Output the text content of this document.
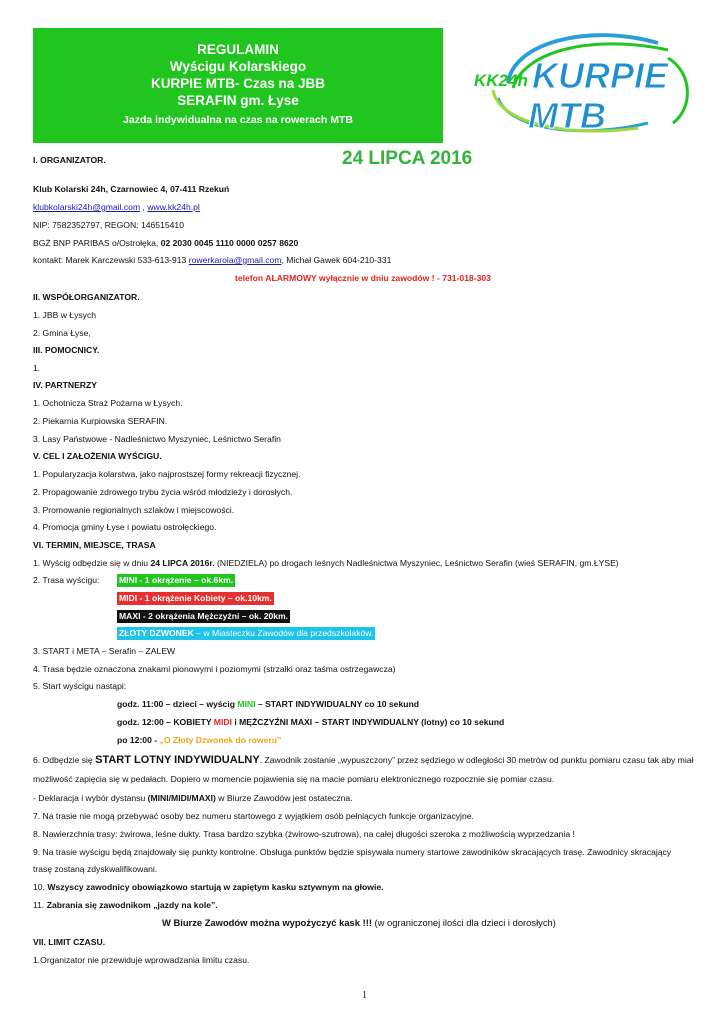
REGULAMIN
Wyścigu Kolarskiego
KURPIE MTB- Czas na JBB
SERAFIN gm. Łyse
Jazda indywidualna na czas na rowerach MTB
KK24h KURPIE
MTB
24 LIPCA 2016
I. ORGANIZATOR.
Klub Kolarski 24h, Czarnowiec 4, 07-411 Rzekuń
klubkolarski24h@gmail.com , www.kk24h.pl
NIP: 7582352797, REGON: 146515410
BGŻ BNP PARIBAS o/Ostrołęka, 02 2030 0045 1110 0000 0257 8620
kontakt: Marek Karczewski 533-613-913 rowerkarola@gmail.com, Michał Gawek 604-210-331
telefon ALARMOWY wyłącznie w dniu zawodów ! - 731-018-303
II. WSPÓŁORGANIZATOR.
1. JBB w Łysych
2. Gmina Łyse,
III. POMOCNICY.
1.
IV. PARTNERZY
1. Ochotnicza Straż Pożarna w Łysych.
2. Piekarnia Kurpiowska SERAFIN.
3. Lasy Państwowe - Nadleśnictwo Myszyniec, Leśnictwo Serafin
V. CEL I ZAŁOŻENIA WYŚCIGU.
1. Popularyzacja kolarstwa, jako najprostszej formy rekreacji fizycznej.
2. Propagowanie zdrowego trybu życia wśród młodzieży i dorosłych.
3. Promowanie regionalnych szlaków i miejscowości.
4. Promocja gminy Łyse i powiatu ostrołęckiego.
VI. TERMIN, MIEJSCE, TRASA
1. Wyścig odbędzie się w dniu 24 LIPCA 2016r. (NIEDZIELA) po drogach leśnych Nadleśnictwa Myszyniec, Leśnictwo Serafin (wieś SERAFIN, gm.ŁYSE)
2. Trasa wyścigu: MINI - 1 okrążenie – ok.6km.
MIDI - 1 okrążenie Kobiety – ok.10km.
MAXI - 2 okrążenia Mężczyźni – ok. 20km.
ZŁOTY DZWONEK – w Miasteczku Zawodów dla przedszkolaków.
3. START i META – Serafin – ZALEW
4. Trasa będzie oznaczona znakami pionowymi i poziomymi (strzałki oraz taśma ostrzegawcza)
5. Start wyścigu nastąpi:
godz. 11:00 – dzieci – wyścig MINI – START INDYWIDUALNY co 10 sekund
godz. 12:00 – KOBIETY MIDI i MĘŻCZYŹNI MAXI – START INDYWIDUALNY (lotny) co 10 sekund
po 12:00 - „O Złoty Dzwonek do roweru”
6. Odbędzie się START LOTNY INDYWIDUALNY. Zawodnik zostanie „wypuszczony” przez sędziego w odległości 30 metrów od punktu pomiaru czasu tak aby miał
możliwość zapięcia się w pedałach. Dopiero w momencie pojawienia się na macie pomiaru elektronicznego rozpocznie się pomiar czasu.
- Deklaracja i wybór dystansu (MINI/MIDI/MAXI) w Biurze Zawodów jest ostateczna.
7. Na trasie nie mogą przebywać osoby bez numeru startowego z wyjątkiem osób pełniących funkcje organizacyjne.
8. Nawierzchnia trasy: żwirowa, leśne dukty. Trasa bardzo szybka (żwirowo-szutrowa), na całej długości szeroka z możliwością wyprzedzania !
9. Na trasie wyścigu będą znajdowały się punkty kontrolne. Obsługa punktów będzie spisywała numery startowe zawodników skracających trasę. Zawodnicy skracający
trasę zostaną zdyskwalifikowani.
10. Wszyscy zawodnicy obowiązkowo startują w zapiętym kasku sztywnym na głowie.
11. Zabrania się zawodnikom „jazdy na kole”.
W Biurze Zawodów można wypożyczyć kask !!! (w ograniczonej ilości dla dzieci i dorosłych)
VII. LIMIT CZASU.
1.Organizator nie przewiduje wprowadzania limitu czasu.
1
